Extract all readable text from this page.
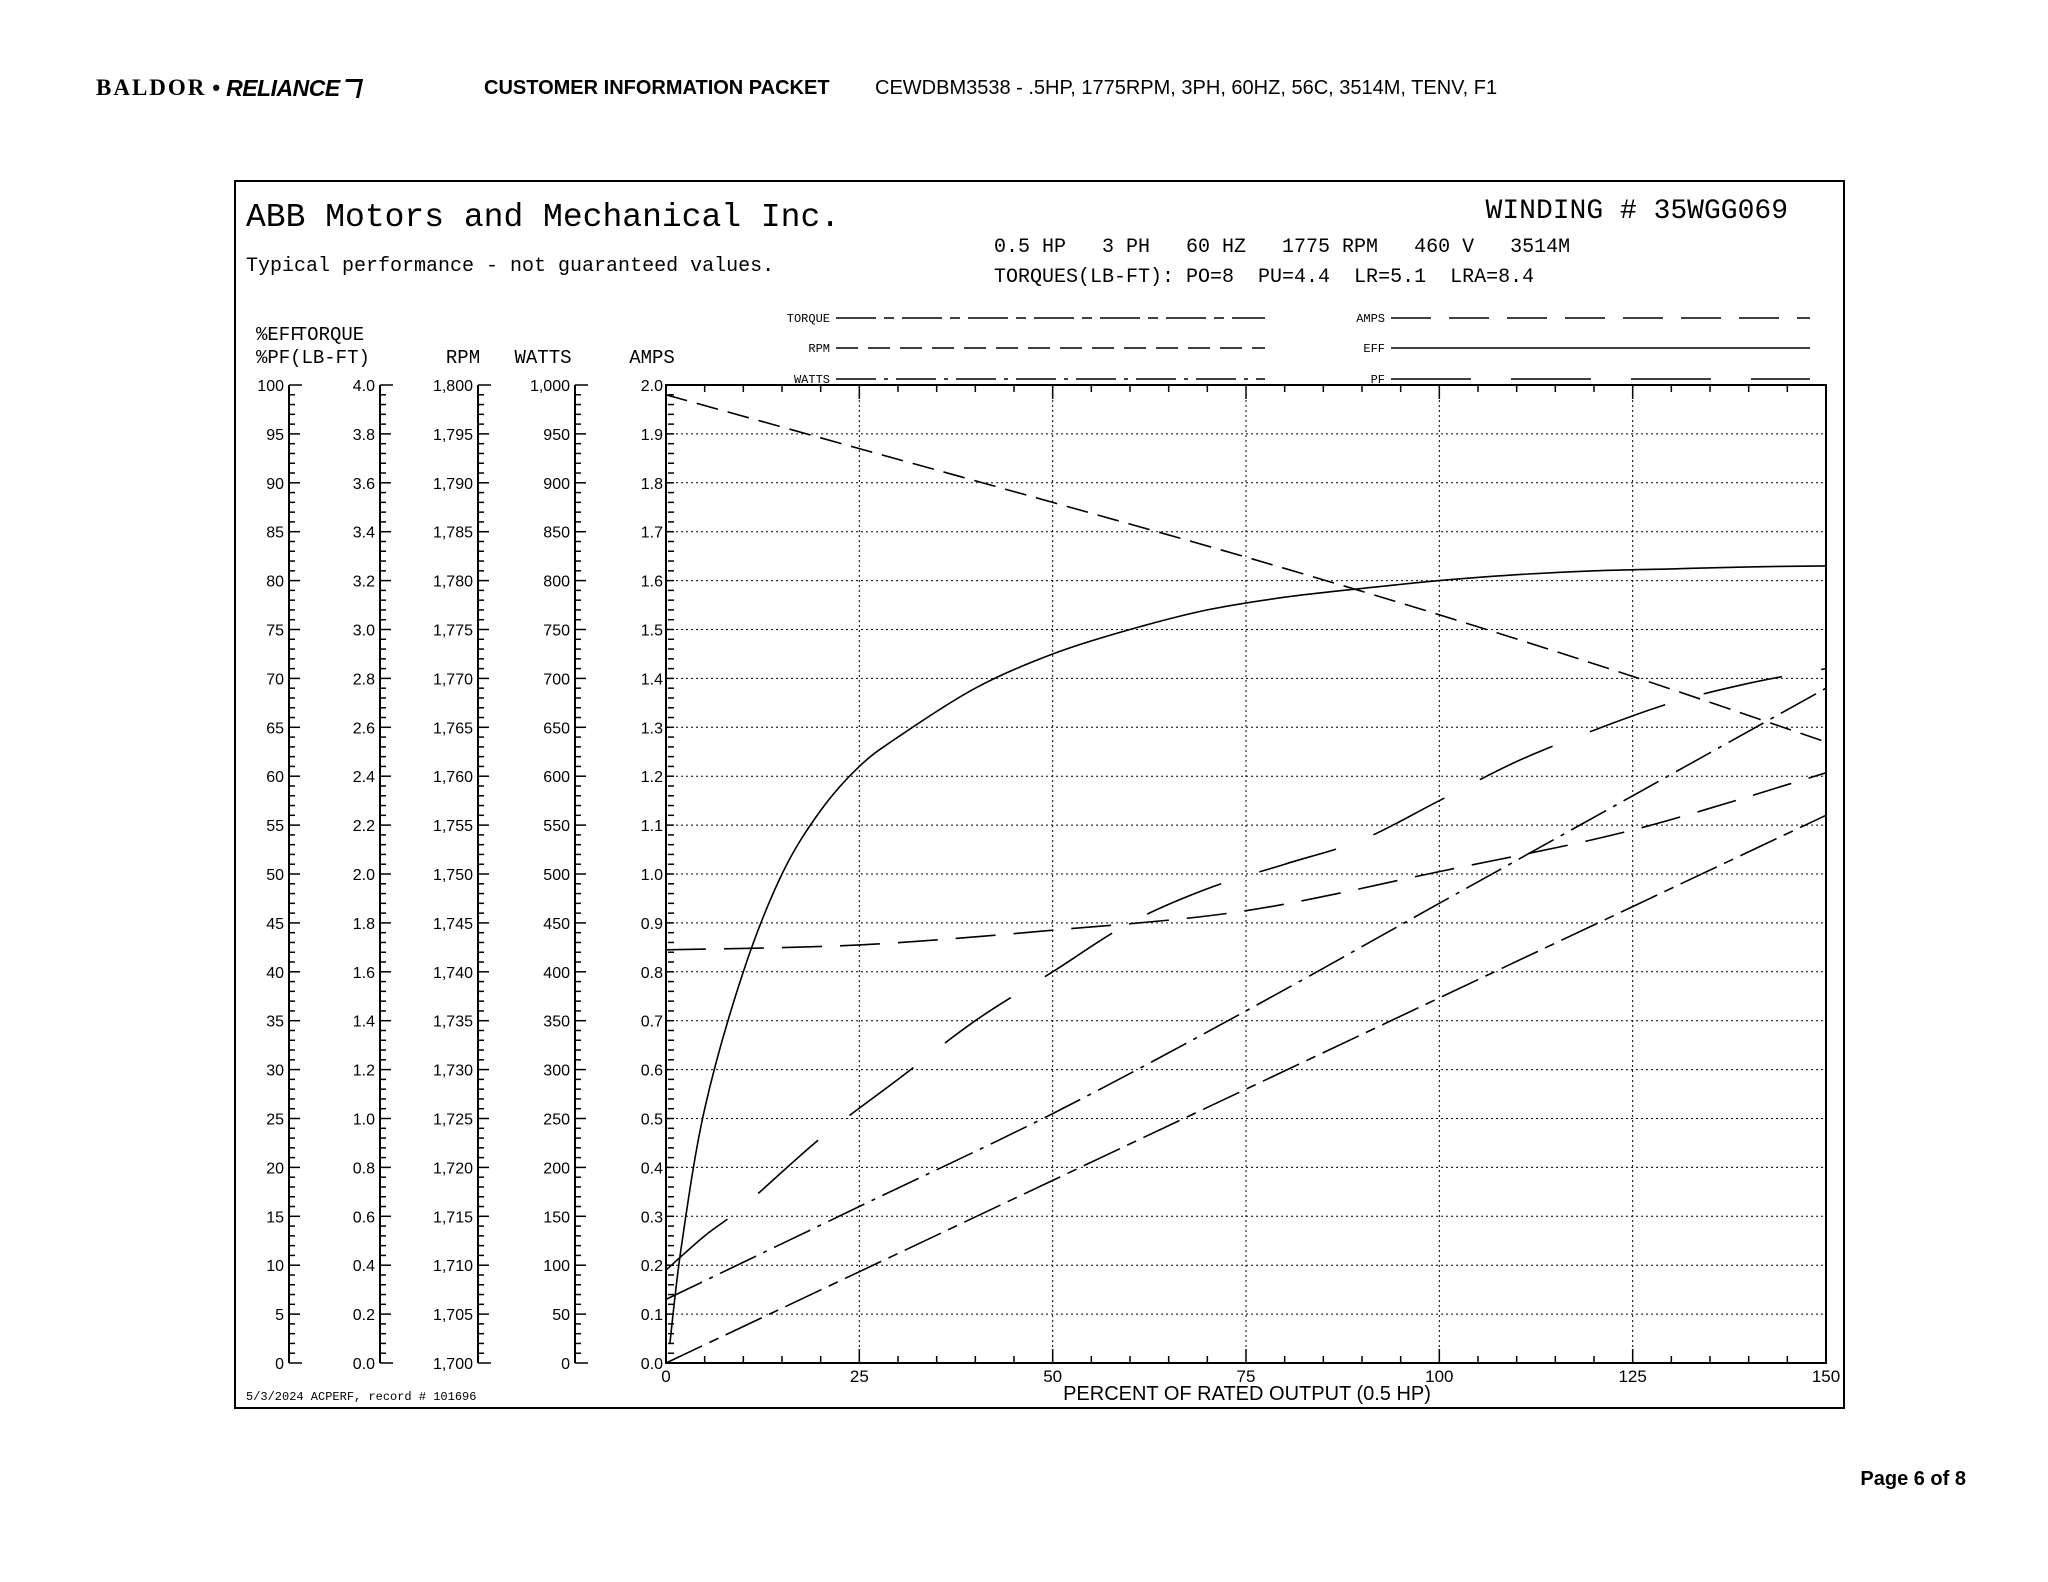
BALDOR • RELIANCE	CUSTOMER INFORMATION PACKET CEWDBM3538 - .5HP, 1775RPM, 3PH, 60HZ, 56C, 3514M, TENV, F1
ABB Motors and Mechanical Inc.
Typical performance - not guaranteed values.
WINDING # 35WGG069
0.5 HP   3 PH   60 HZ   1775 RPM   460 V   3514M
TORQUES(LB-FT): PO=8  PU=4.4  LR=5.1  LRA=8.4
TORQUE
RPM
WATTS
AMPS
EFF
PF
100
95
90
85
80
75
70
65
60
55
50
45
40
35
30
25
20
15
10
5
0
%EFF
%PF
4.0
3.8
3.6
3.4
3.2
3.0
2.8
2.6
2.4
2.2
2.0
1.8
1.6
1.4
1.2
1.0
0.8
0.6
0.4
0.2
0.0
TORQUE
(LB-FT)
1,800
1,795
1,790
1,785
1,780
1,775
1,770
1,765
1,760
1,755
1,750
1,745
1,740
1,735
1,730
1,725
1,720
1,715
1,710
1,705
1,700
RPM
1,000
950
900
850
800
750
700
650
600
550
500
450
400
350
300
250
200
150
100
50
0
WATTS
2.0
1.9
1.8
1.7
1.6
1.5
1.4
1.3
1.2
1.1
1.0
0.9
0.8
0.7
0.6
0.5
0.4
0.3
0.2
0.1
0.0
AMPS
0	25	50	75	100	125	150
PERCENT OF RATED OUTPUT (0.5 HP)
5/3/2024 ACPERF, record # 101696
Page 6 of 8
